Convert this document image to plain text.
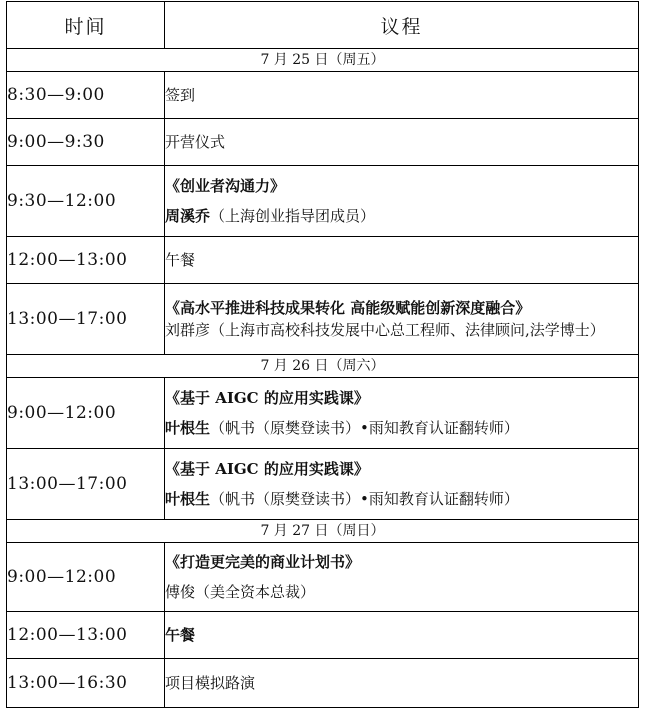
时间	议程
7 月 25 日（周五）	
8:30—9:00	签到

9:00—9:30	开营仪式

9:30—12:00	《创业者沟通力》
周溪乔（上海创业指导团成员）

12:00—13:00	午餐

13:00—17:00	《高水平推进科技成果转化 高能级赋能创新深度融合》
刘群彦（上海市高校科技发展中心总工程师、法律顾问,法学博士）

7 月 26 日（周六）	
9:00—12:00	《基于 AIGC 的应用实践课》
叶根生（帆书（原樊登读书）•雨知教育认证翻转师）

13:00—17:00	《基于 AIGC 的应用实践课》
叶根生（帆书（原樊登读书）•雨知教育认证翻转师）

7 月 27 日（周日）	
9:00—12:00	《打造更完美的商业计划书》
傅俊（美全资本总裁）

12:00—13:00	午餐

13:00—16:30	项目模拟路演
